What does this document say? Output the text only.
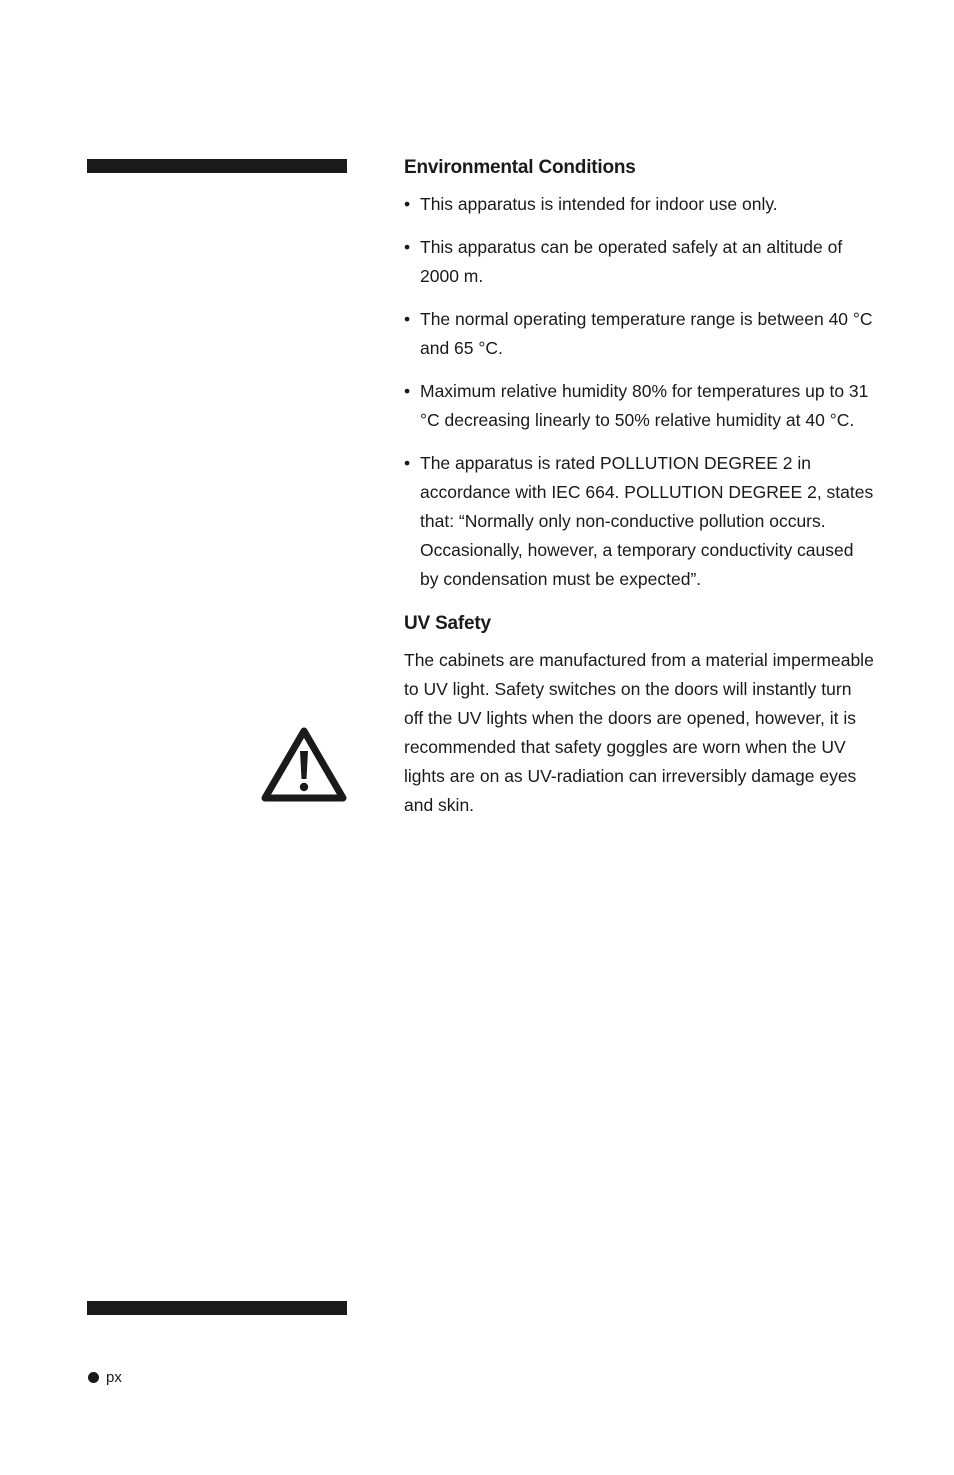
Environmental Conditions
• This apparatus is intended for indoor use only.
• This apparatus can be operated safely at an altitude of 2000 m.
• The normal operating temperature range is between 40 °C and 65 °C.
• Maximum relative humidity 80% for temperatures up to 31 °C decreasing linearly to 50% relative humidity at 40 °C.
• The apparatus is rated POLLUTION DEGREE 2 in accordance with IEC 664. POLLUTION DEGREE 2, states that: “Normally only non-conductive pollution occurs. Occasionally, however, a temporary conductivity caused by condensation must be expected”.
UV Safety

The cabinets are manufactured from a material impermeable to UV light. Safety switches on the doors will instantly turn off the UV lights when the doors are opened, however, it is recommended that safety goggles are worn when the UV lights are on as UV-radiation can irreversibly damage eyes and skin.

px
